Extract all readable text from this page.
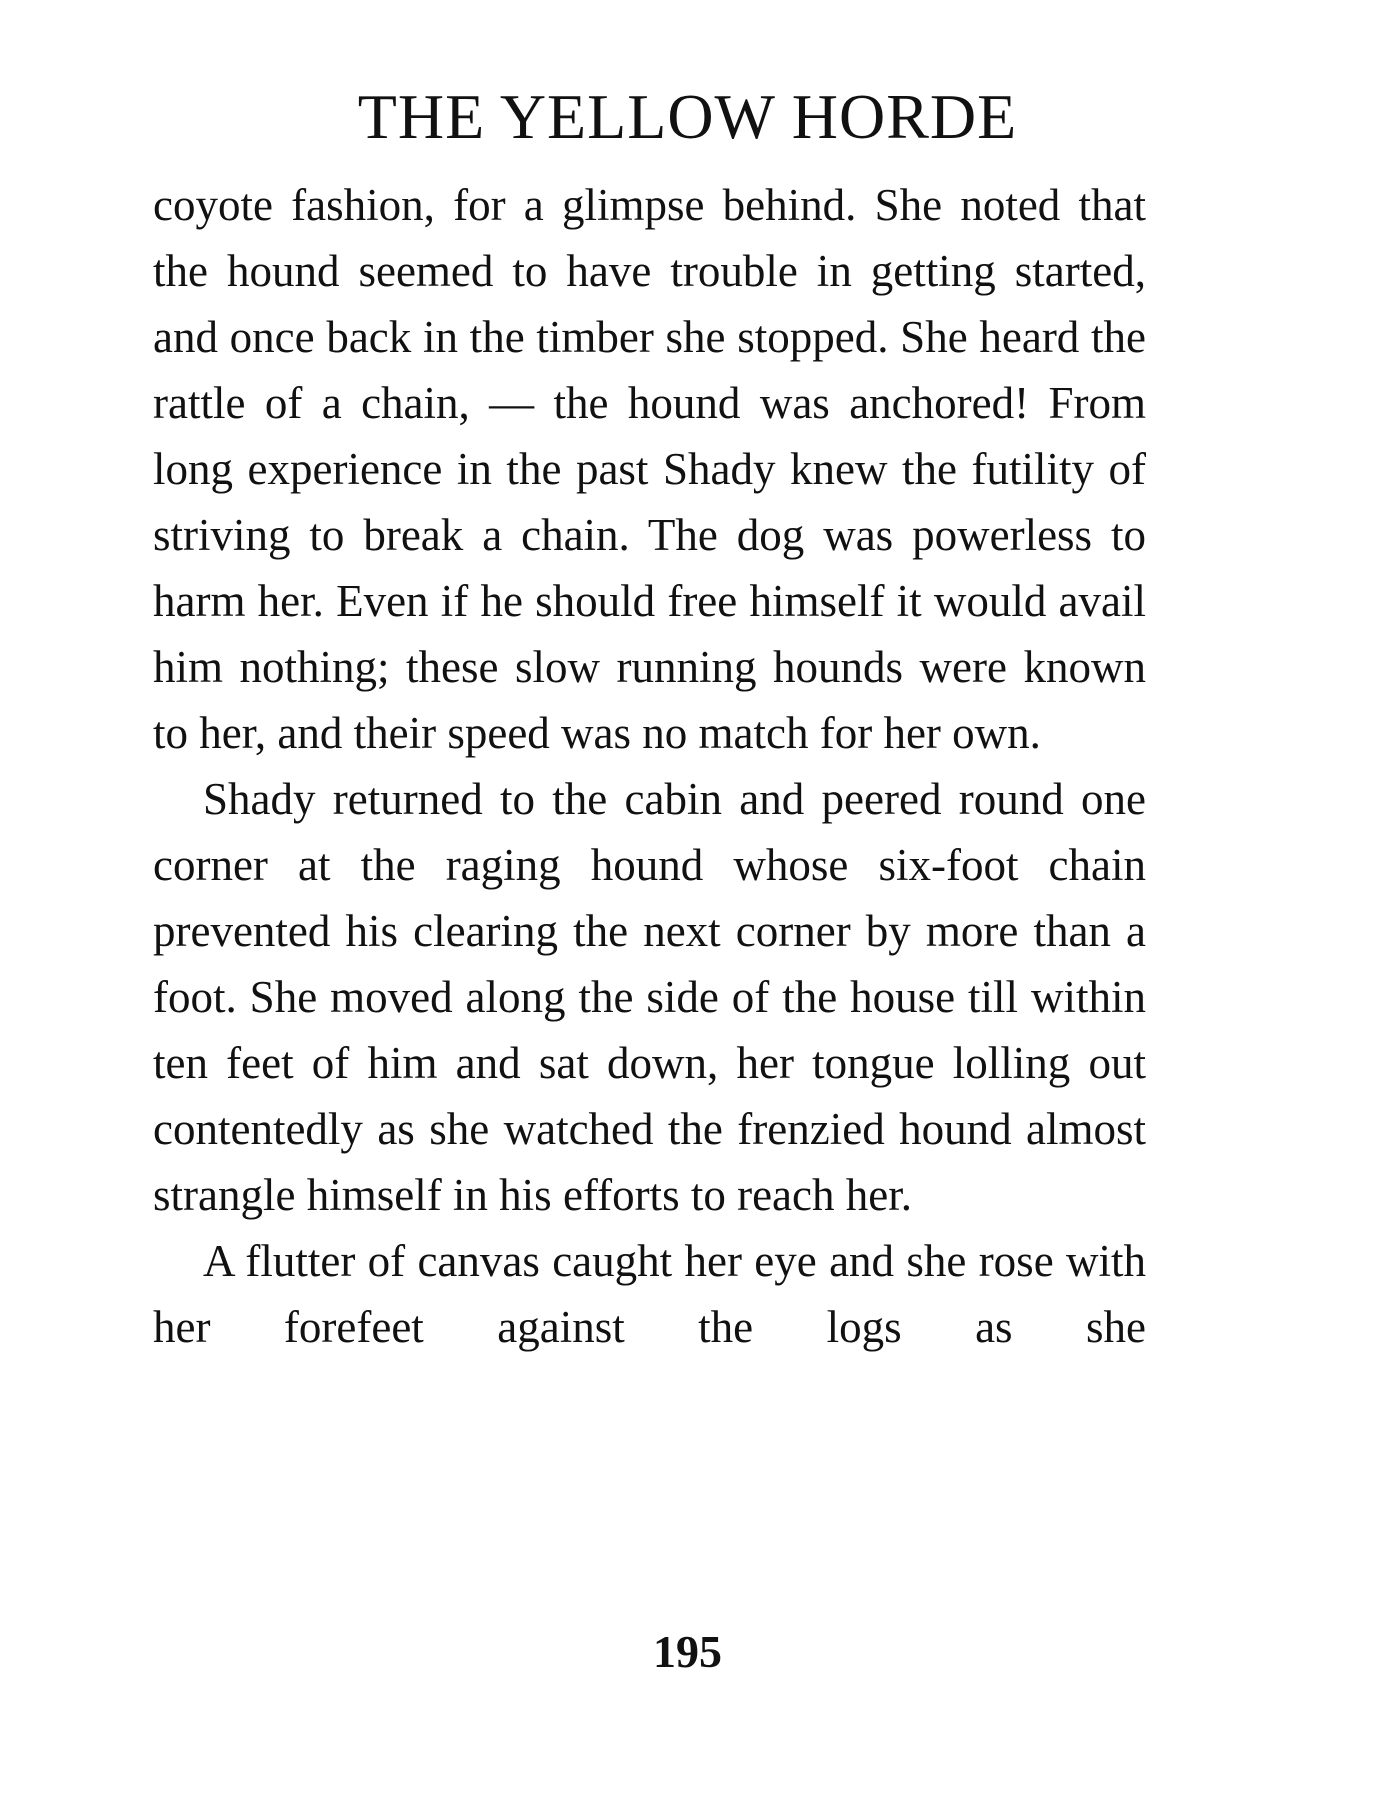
THE YELLOW HORDE

coyote fashion, for a glimpse behind. She noted that the hound seemed to have trouble in getting started, and once back in the timber she stopped. She heard the rattle of a chain, — the hound was anchored! From long experience in the past Shady knew the futility of striving to break a chain. The dog was powerless to harm her. Even if he should free himself it would avail him nothing; these slow running hounds were known to her, and their speed was no match for her own.

Shady returned to the cabin and peered round one corner at the raging hound whose six-foot chain prevented his clearing the next corner by more than a foot. She moved along the side of the house till within ten feet of him and sat down, her tongue lolling out contentedly as she watched the frenzied hound almost strangle himself in his efforts to reach her.

A flutter of canvas caught her eye and she rose with her forefeet against the logs as she

195
